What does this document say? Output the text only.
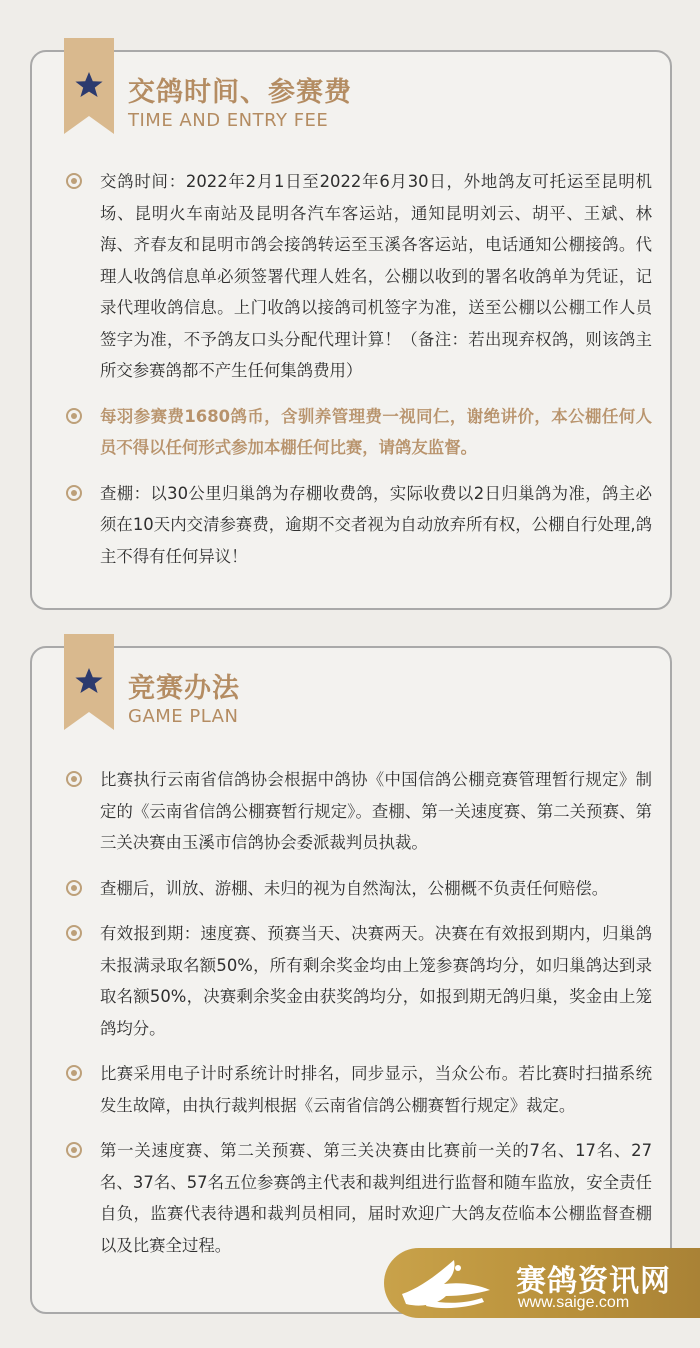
交鸽时间、参赛费
TIME AND ENTRY FEE
交鸽时间：2022年2月1日至2022年6月30日，外地鸽友可托运至昆明机场、昆明火车南站及昆明各汽车客运站，通知昆明刘云、胡平、王斌、林海、齐春友和昆明市鸽会接鸽转运至玉溪各客运站，电话通知公棚接鸽。代理人收鸽信息单必须签署代理人姓名，公棚以收到的署名收鸽单为凭证，记录代理收鸽信息。上门收鸽以接鸽司机签字为准，送至公棚以公棚工作人员签字为准，不予鸽友口头分配代理计算！（备注：若出现弃权鸽，则该鸽主所交参赛鸽都不产生任何集鸽费用）
每羽参赛费1680鸽币，含驯养管理费一视同仁，谢绝讲价，本公棚任何人员不得以任何形式参加本棚任何比赛，请鸽友监督。
查棚：以30公里归巢鸽为存棚收费鸽，实际收费以2日归巢鸽为准，鸽主必须在10天内交清参赛费，逾期不交者视为自动放弃所有权，公棚自行处理,鸽主不得有任何异议！
竞赛办法
GAME PLAN
比赛执行云南省信鸽协会根据中鸽协《中国信鸽公棚竞赛管理暂行规定》制定的《云南省信鸽公棚赛暂行规定》。查棚、第一关速度赛、第二关预赛、第三关决赛由玉溪市信鸽协会委派裁判员执裁。
查棚后，训放、游棚、未归的视为自然淘汰，公棚概不负责任何赔偿。
有效报到期：速度赛、预赛当天、决赛两天。决赛在有效报到期内，归巢鸽未报满录取名额50%，所有剩余奖金均由上笼参赛鸽均分，如归巢鸽达到录取名额50%，决赛剩余奖金由获奖鸽均分，如报到期无鸽归巢，奖金由上笼鸽均分。
比赛采用电子计时系统计时排名，同步显示，当众公布。若比赛时扫描系统发生故障，由执行裁判根据《云南省信鸽公棚赛暂行规定》裁定。
第一关速度赛、第二关预赛、第三关决赛由比赛前一关的7名、17名、27名、37名、57名五位参赛鸽主代表和裁判组进行监督和随车监放，安全责任自负，监赛代表待遇和裁判员相同，届时欢迎广大鸽友莅临本公棚监督查棚以及比赛全过程。
赛鸽资讯网
www.saige.com
